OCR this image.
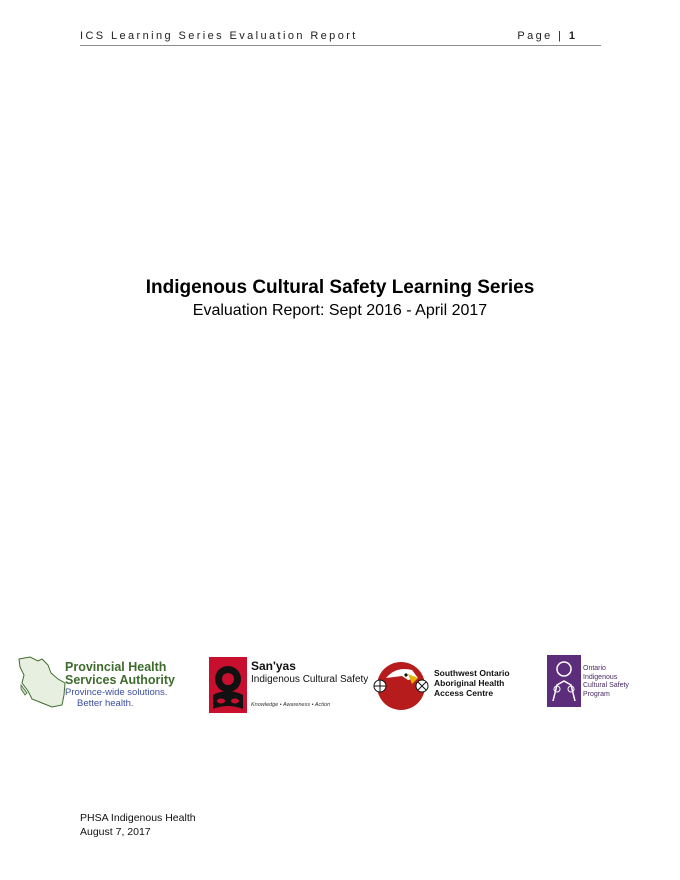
ICS Learning Series Evaluation Report	Page | 1
Indigenous Cultural Safety Learning Series
Evaluation Report: Sept 2016 - April 2017
Provincial Health
Services Authority
Province-wide solutions.
Better health.
San'yas
Indigenous Cultural Safety
Knowledge • Awareness • Action
Southwest Ontario
Aboriginal Health
Access Centre
Ontario
Indigenous
Cultural Safety
Program
PHSA Indigenous Health
August 7, 2017
